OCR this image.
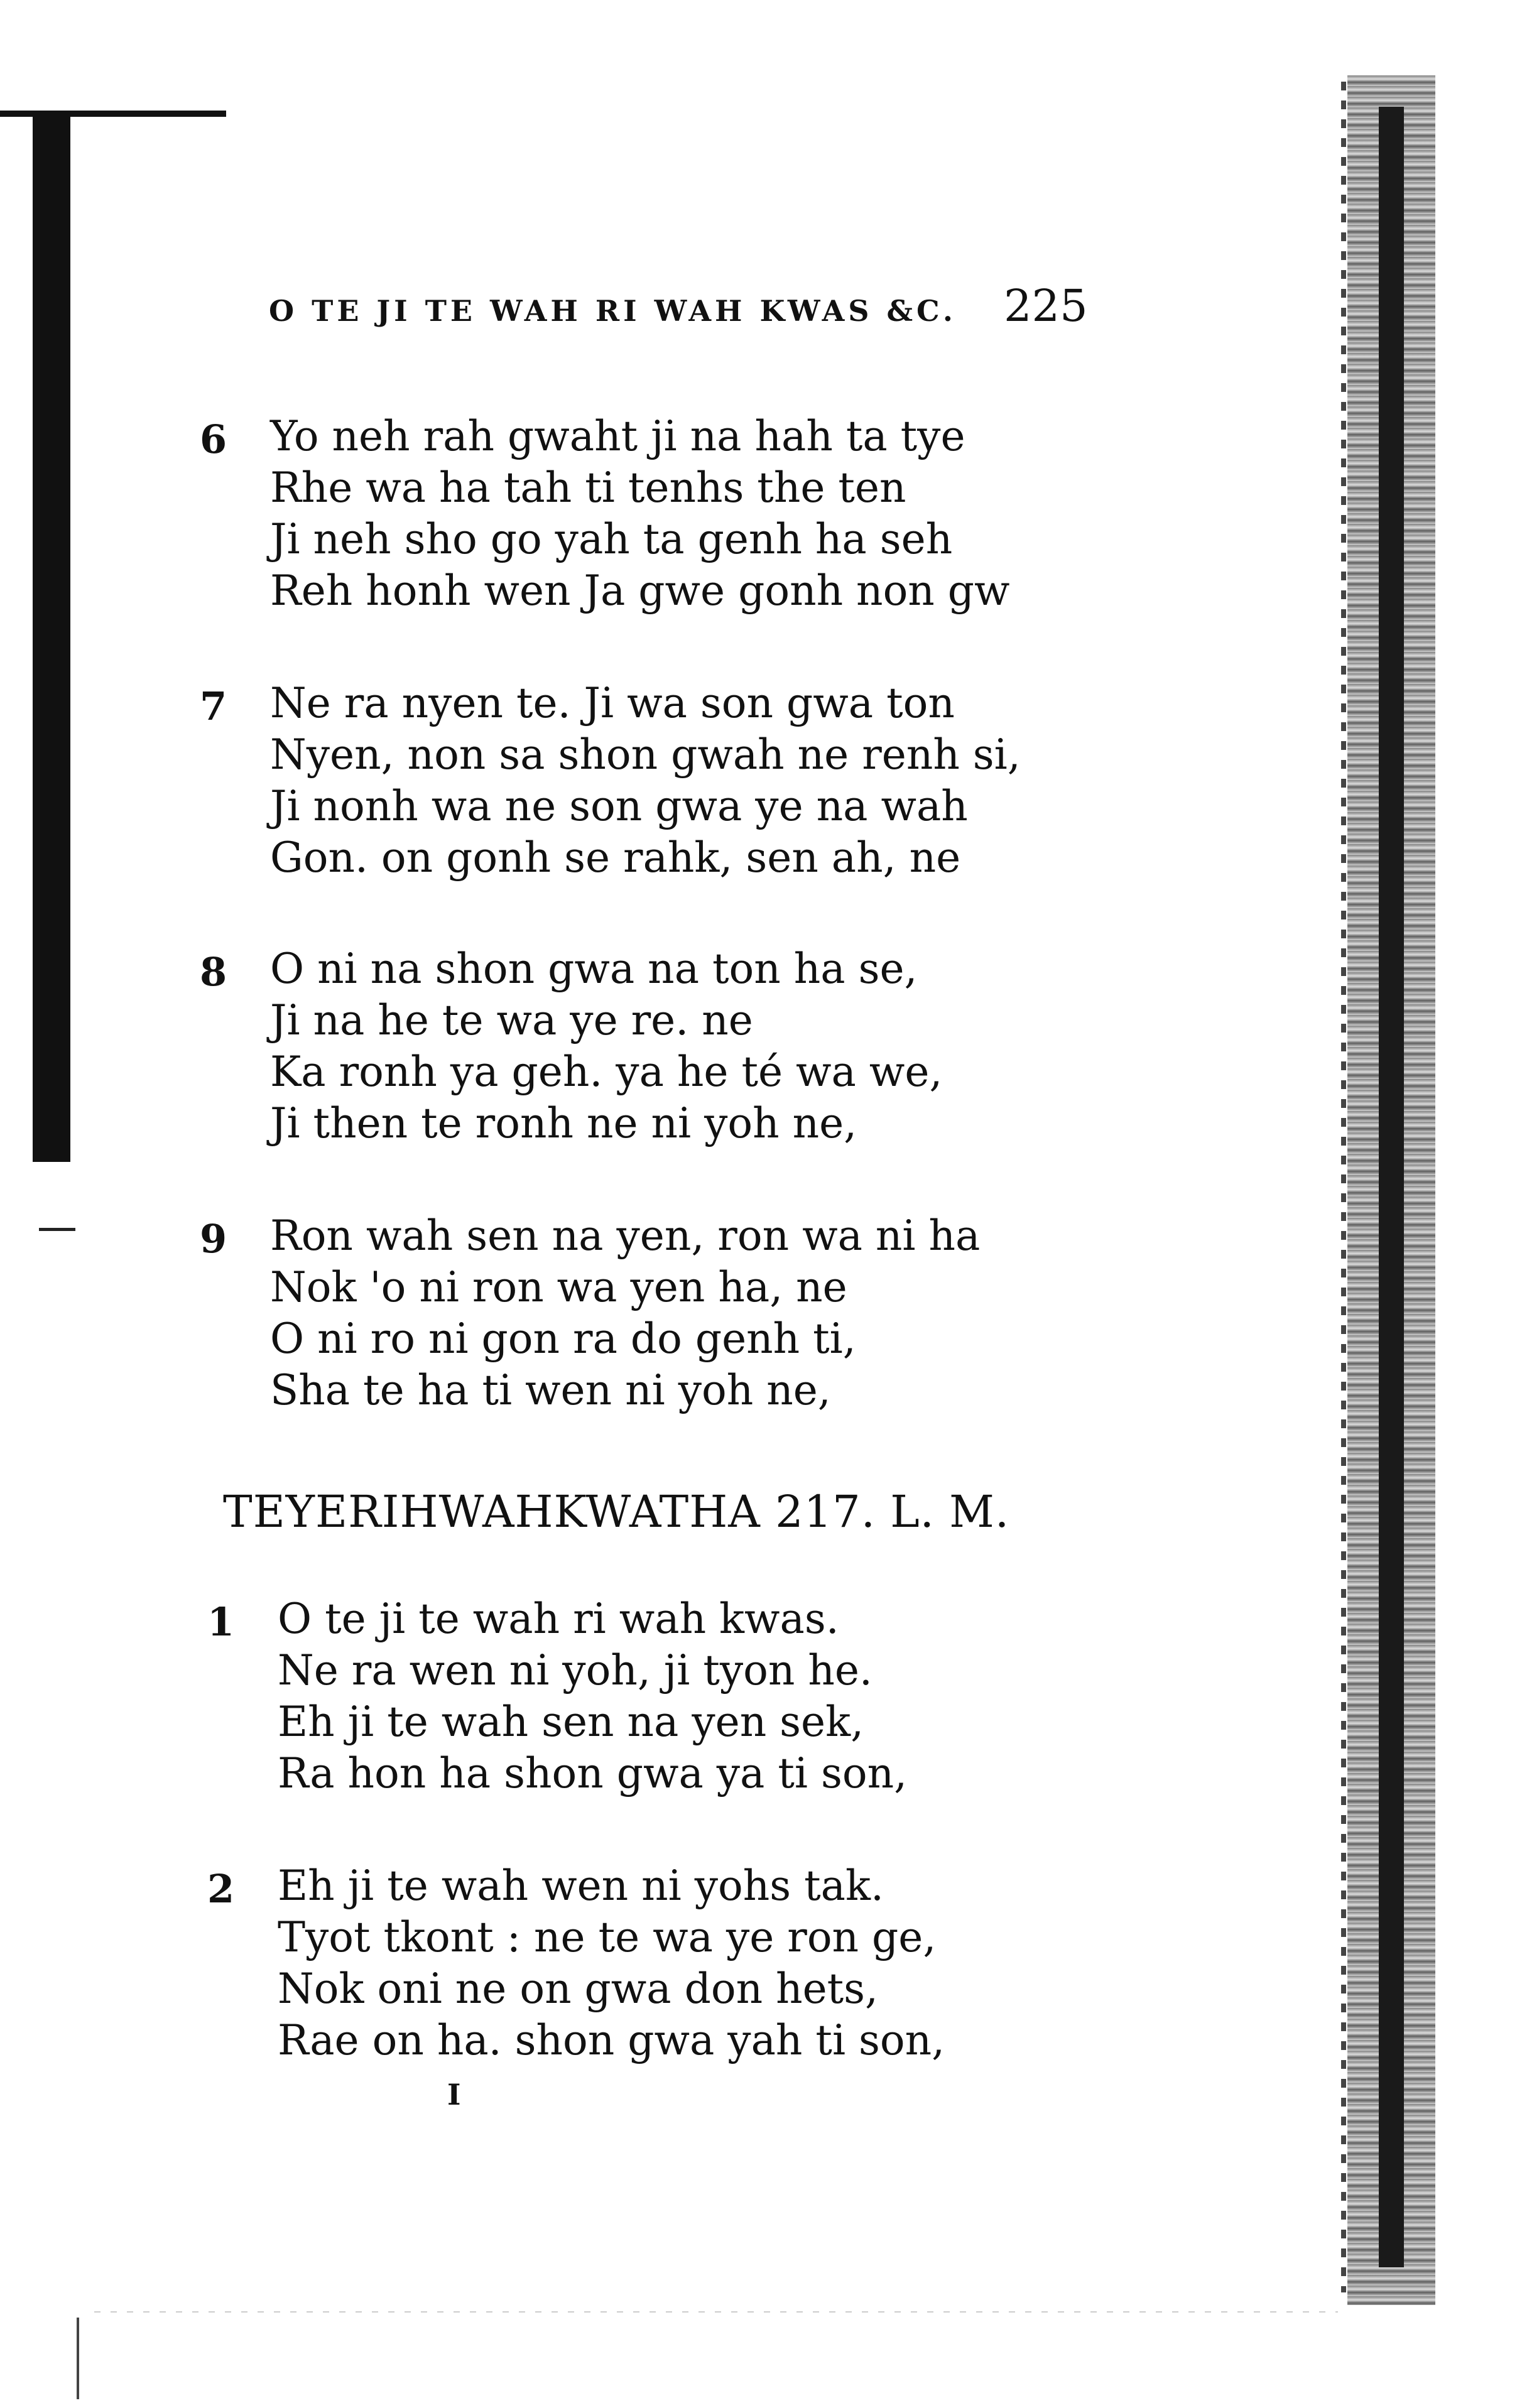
O TE JI TE WAH RI WAH KWAS &C. 225
6 Yo neh rah gwaht ji na hah ta tye
Rhe wa ha tah ti tenhs the ten
Ji neh sho go yah ta genh ha seh
Reh honh wen Ja gwe gonh non gw
7 Ne ra nyen te. Ji wa son gwa ton
Nyen, non sa shon gwah ne renh si,
Ji nonh wa ne son gwa ye na wah
Gon. on gonh se rahk, sen ah, ne
8 O ni na shon gwa na ton ha se,
Ji na he te wa ye re. ne
Ka ronh ya geh. ya he té wa we,
Ji then te ronh ne ni yoh ne,
9 Ron wah sen na yen, ron wa ni ha
Nok 'o ni ron wa yen ha, ne
O ni ro ni gon ra do genh ti,
Sha te ha ti wen ni yoh ne,
TEYERIHWAHKWATHA 217. L. M.
1 O te ji te wah ri wah kwas.
Ne ra wen ni yoh, ji tyon he.
Eh ji te wah sen na yen sek,
Ra hon ha shon gwa ya ti son,
2 Eh ji te wah wen ni yohs tak.
Tyot tkont : ne te wa ye ron ge,
Nok oni ne on gwa don hets,
Rae on ha. shon gwa yah ti son,
I
